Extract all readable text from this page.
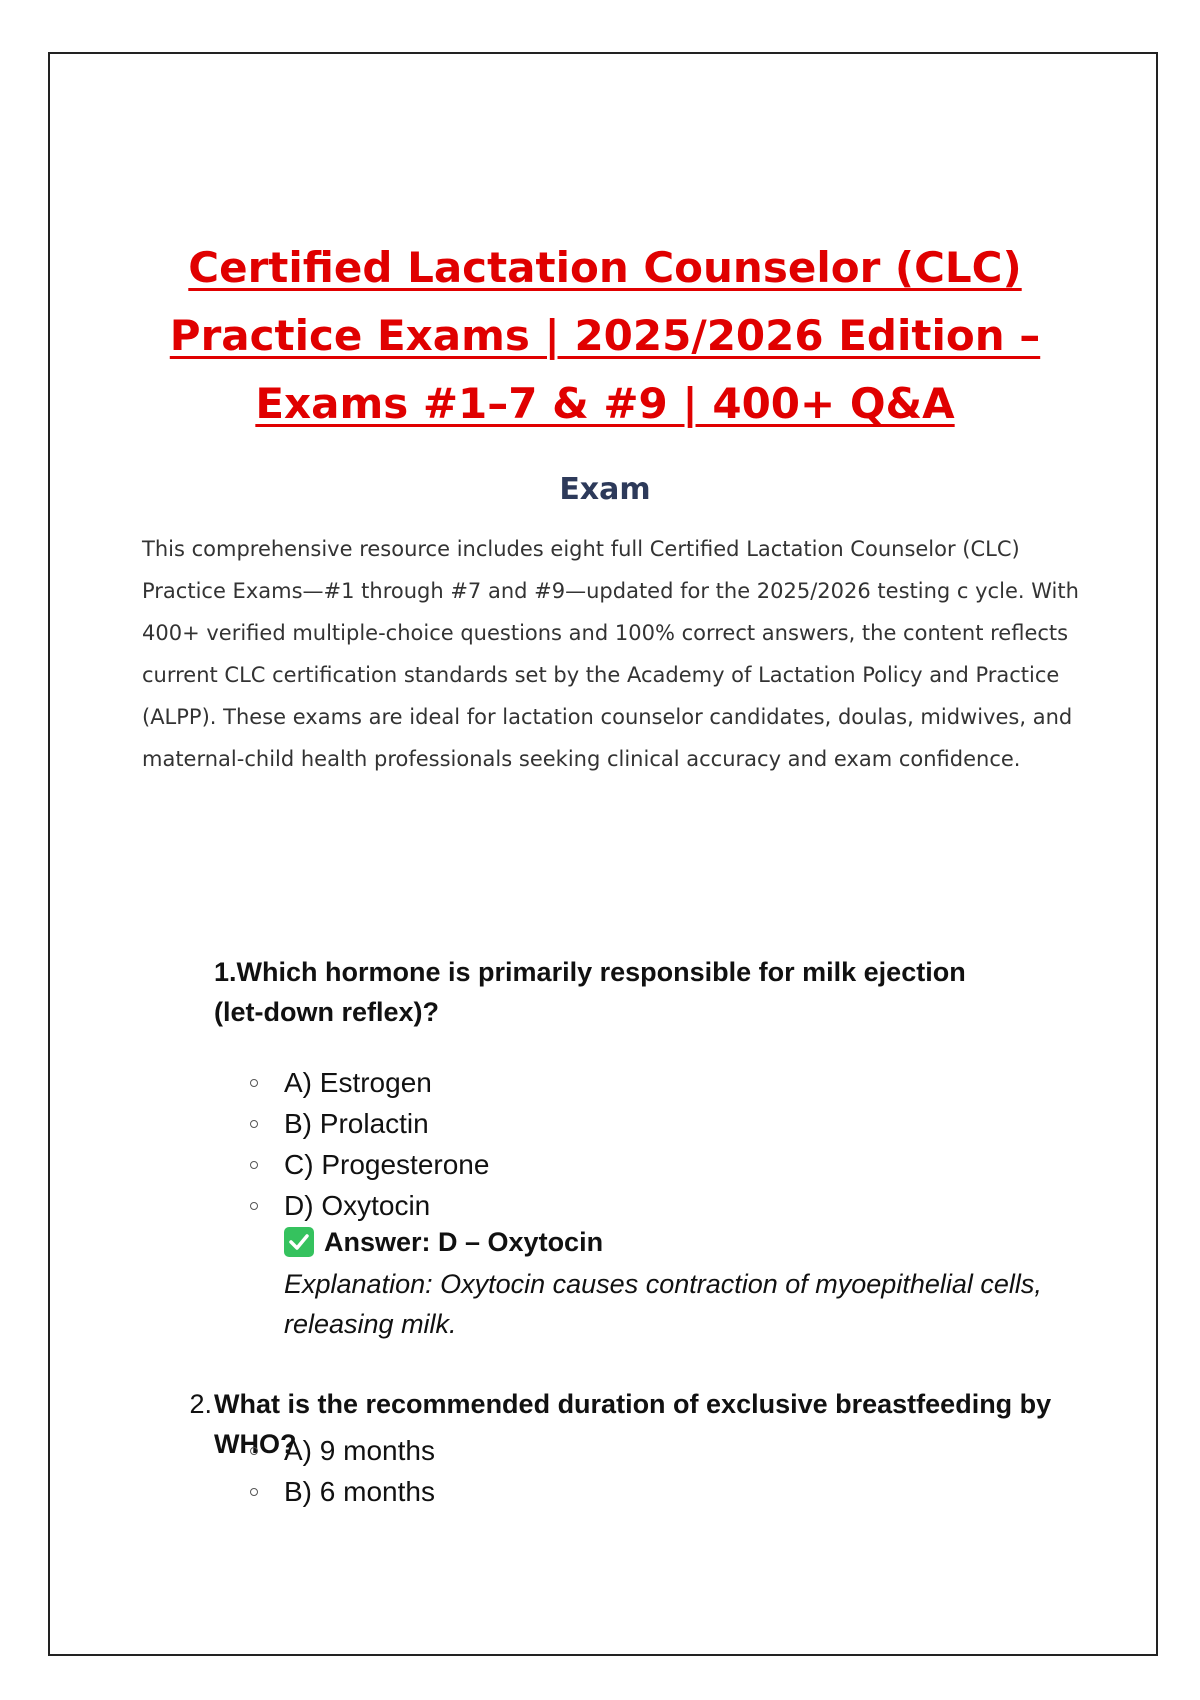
Certified Lactation Counselor (CLC)
Practice Exams | 2025/2026 Edition –
Exams #1–7 & #9 | 400+ Q&A
Exam

This comprehensive resource includes eight full Certified Lactation Counselor (CLC) Practice Exams—#1 through #7 and #9—updated for the 2025/2026 testing c ycle. With 400+ verified multiple-choice questions and 100% correct answers, the content reflects current CLC certification standards set by the Academy of Lactation Policy and Practice (ALPP). These exams are ideal for lactation counselor candidates, doulas, midwives, and maternal-child health professionals seeking clinical accuracy and exam confidence.

1.Which hormone is primarily responsible for milk ejection (let-down reflex)?

A) Estrogen
B) Prolactin
C) Progesterone
D) Oxytocin

Answer: D – Oxytocin

Explanation: Oxytocin causes contraction of myoepithelial cells, releasing milk.

2.What is the recommended duration of exclusive breastfeeding by WHO?

A) 9 months
B) 6 months
